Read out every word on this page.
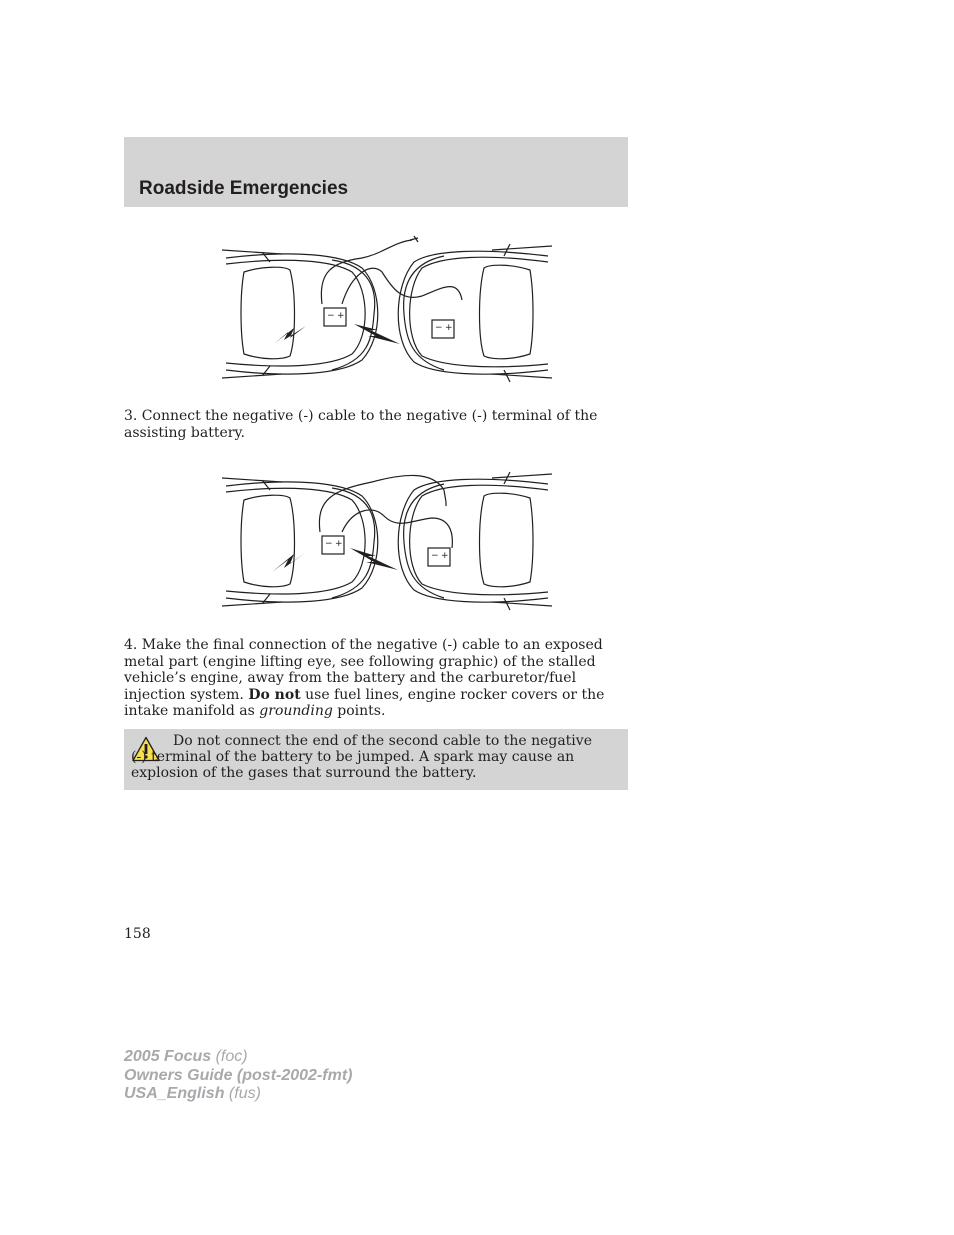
Roadside Emergencies
− +
− +

3. Connect the negative (-) cable to the negative (-) terminal of the assisting battery.

− +
− +

4. Make the final connection of the negative (-) cable to an exposed metal part (engine lifting eye, see following graphic) of the stalled vehicle’s engine, away from the battery and the carburetor/fuel injection system. Do not use fuel lines, engine rocker covers or the intake manifold as grounding points.

Do not connect the end of the second cable to the negative (-) terminal of the battery to be jumped. A spark may cause an explosion of the gases that surround the battery.

158

2005 Focus (foc)
Owners Guide (post-2002-fmt)
USA_English (fus)
